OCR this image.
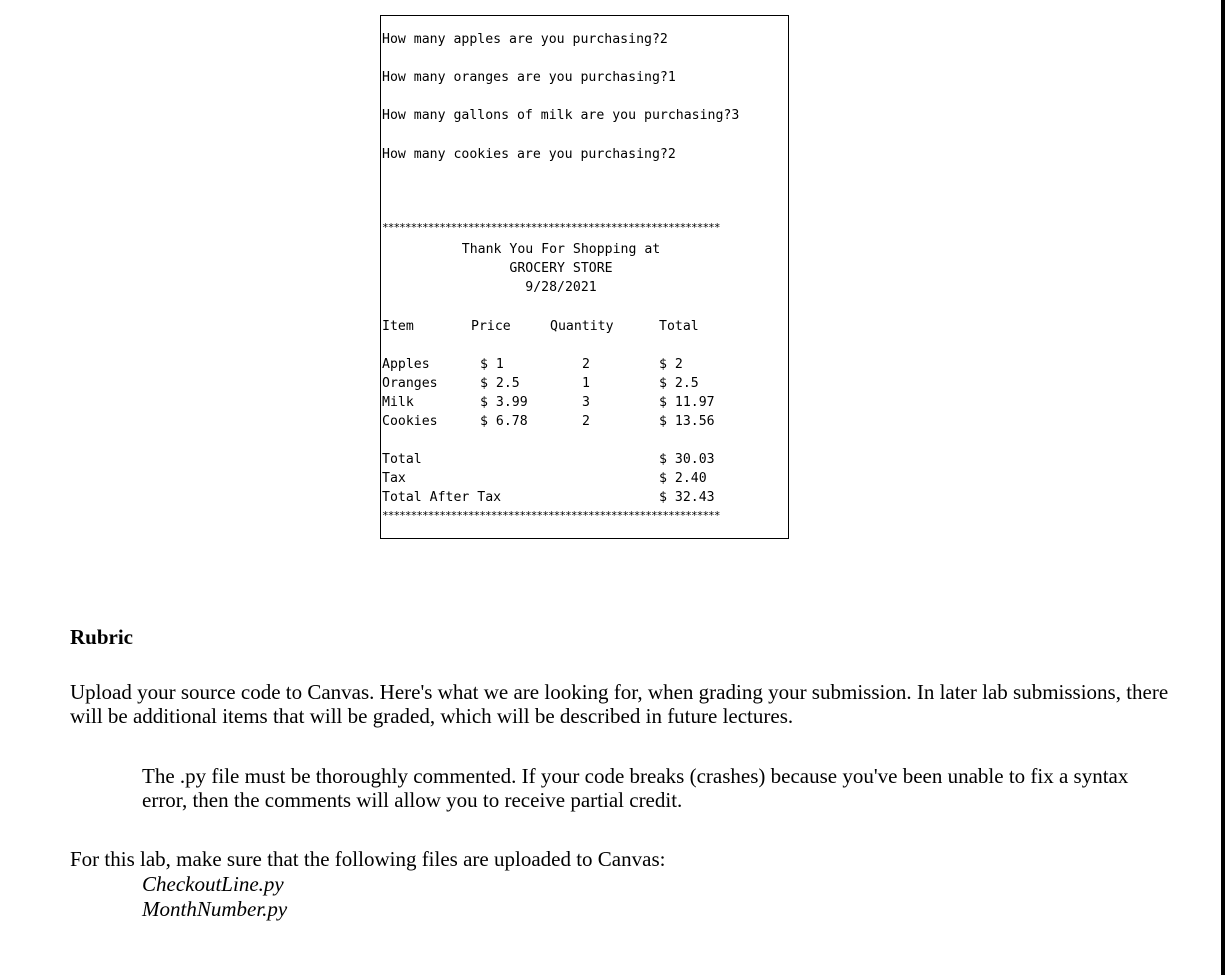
How many apples are you purchasing?2
How many oranges are you purchasing?1
How many gallons of milk are you purchasing?3
How many cookies are you purchasing?2
***********************************************************
Thank You For Shopping at
GROCERY STORE
9/28/2021
Item	Price	Quantity	Total
Apples	$ 1	2	$ 2
Oranges	$ 2.5	1	$ 2.5
Milk	$ 3.99	3	$ 11.97
Cookies	$ 6.78	2	$ 13.56
Total	$ 30.03
Tax	$ 2.40
Total After Tax	$ 32.43
***********************************************************
Rubric

Upload your source code to Canvas. Here's what we are looking for, when grading your submission. In later lab submissions, there will be additional items that will be graded, which will be described in future lectures.

The .py file must be thoroughly commented. If your code breaks (crashes) because you've been unable to fix a syntax error, then the comments will allow you to receive partial credit.

For this lab, make sure that the following files are uploaded to Canvas:

CheckoutLine.py

MonthNumber.py
